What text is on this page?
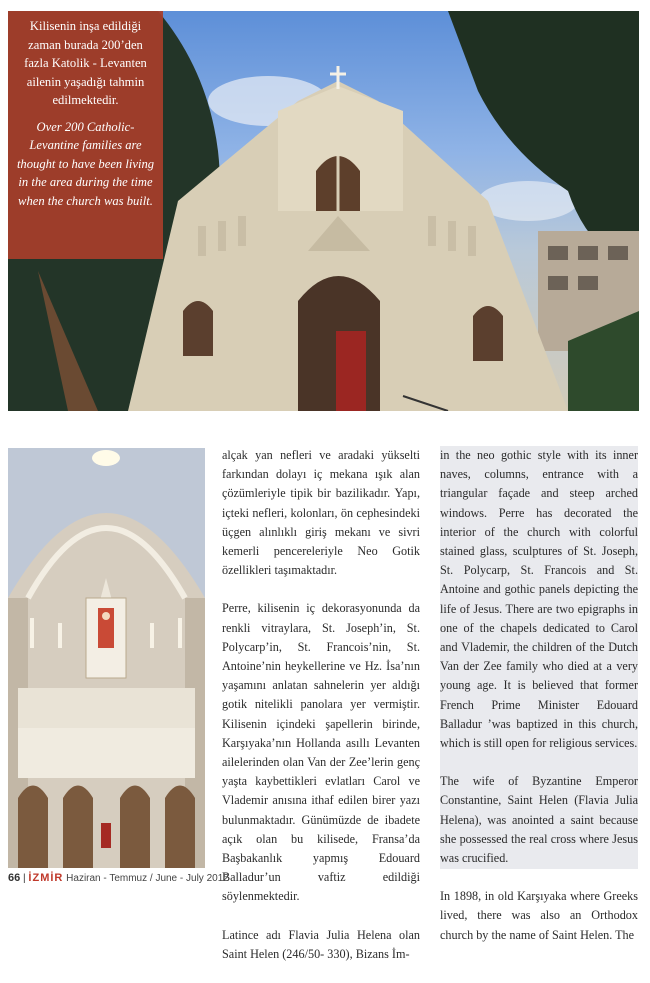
Kilisenin inşa edildiği zaman burada 200’den fazla Katolik - Levanten ailenin yaşadığı tahmin edilmektedir.

Over 200 Catholic-Levantine families are thought to have been living in the area during the time when the church was built.

alçak yan nefleri ve aradaki yükselti farkından dolayı iç mekana ışık alan çözümleriyle tipik bir bazilikadır. Yapı, içteki nefleri, kolonları, ön cephesindeki üçgen alınlıklı giriş mekanı ve sivri kemerli pencereleriyle Neo Gotik özellikleri taşımaktadır.

Perre, kilisenin iç dekorasyonunda da renkli vitraylara, St. Joseph’in, St. Polycarp’in, St. Francois’nin, St. Antoine’nin heykellerine ve Hz. İsa’nın yaşamını anlatan sahnelerin yer aldığı gotik nitelikli panolara yer vermiştir. Kilisenin içindeki şapellerin birinde, Karşıyaka’nın Hollanda asıllı Levanten ailelerinden olan Van der Zee’lerin genç yaşta kaybettikleri evlatları Carol ve Vlademir anısına ithaf edilen birer yazı bulunmaktadır. Günümüzde de ibadete açık olan bu kilisede, Fransa’da Başbakanlık yapmış Edouard Balladur’un vaftiz edildiği söylenmektedir.

Latince adı Flavia Julia Helena olan Saint Helen (246/50- 330), Bizans İm-

in the neo gothic style with its inner naves, columns, entrance with a triangular façade and steep arched windows. Perre has decorated the interior of the church with colorful stained glass, sculptures of St. Joseph, St. Polycarp, St. Francois and St. Antoine and gothic panels depicting the life of Jesus. There are two epigraphs in one of the chapels dedicated to Carol and Vlademir, the children of the Dutch Van der Zee family who died at a very young age. It is believed that former French Prime Minister Edouard Balladur ’was baptized in this church, which is still open for religious services.

The wife of Byzantine Emperor Constantine, Saint Helen (Flavia Julia Helena), was anointed a saint because she possessed the real cross where Jesus was crucified.

In 1898, in old Karşıyaka where Greeks lived, there was also an Orthodox church by the name of Saint Helen. The

66 | İZMİR Haziran - Temmuz / June - July 2012
